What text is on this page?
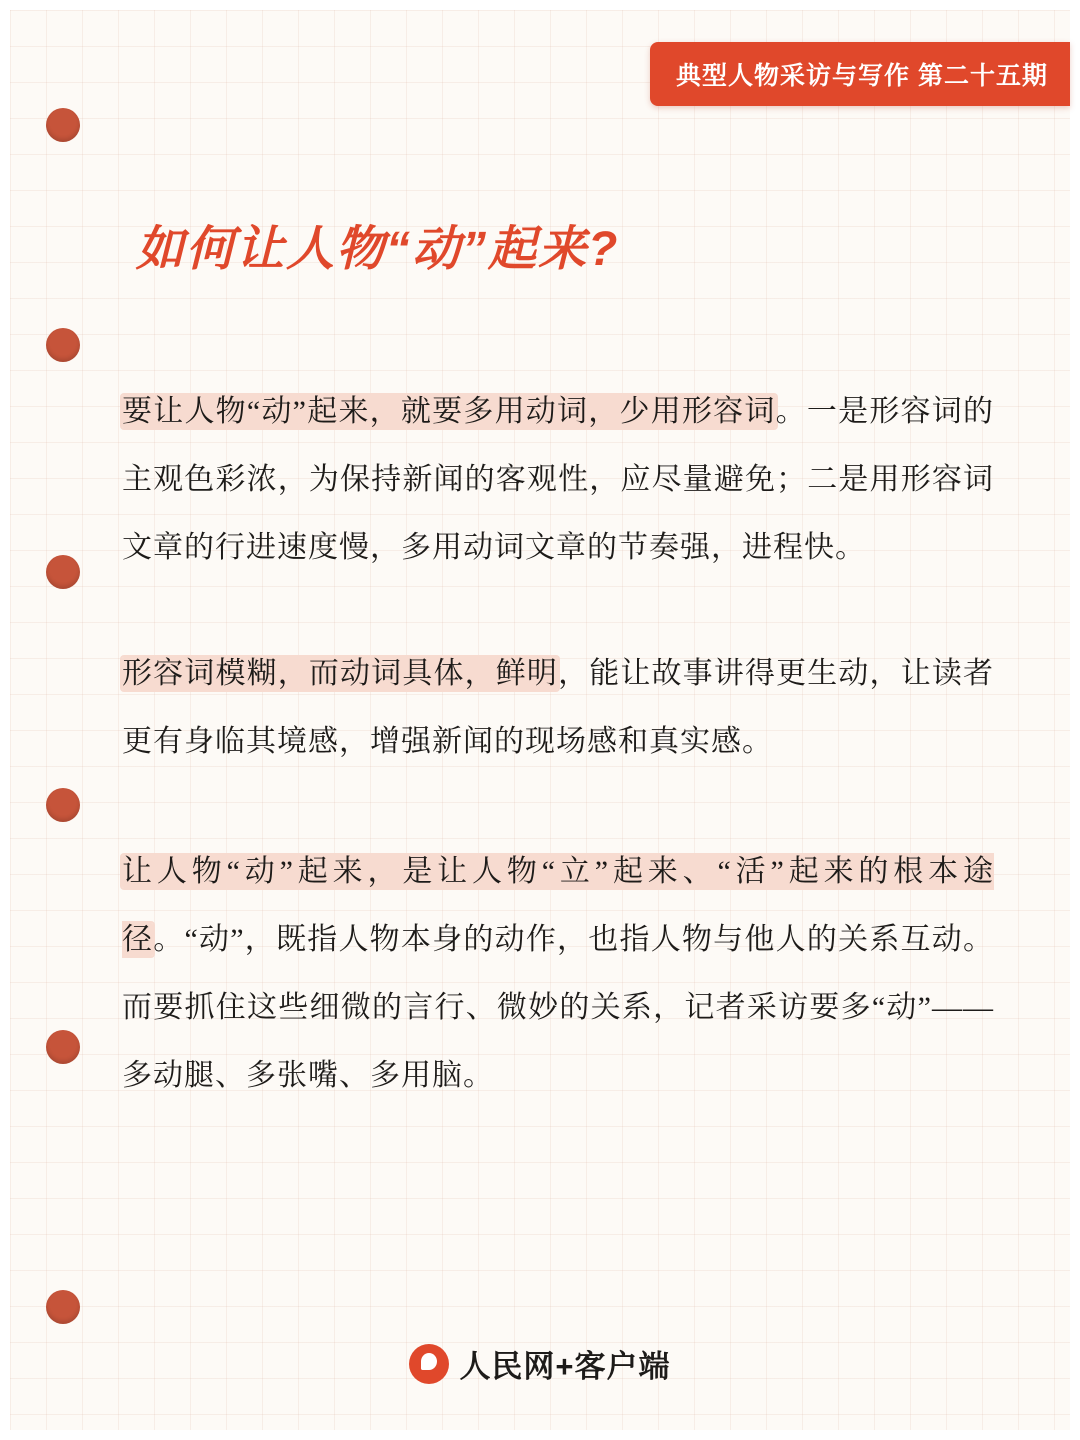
典型人物采访与写作 第二十五期
如何让人物“动”起来?

要让人物“动”起来，就要多用动词，少用形容词。一是形容词的主观色彩浓，为保持新闻的客观性，应尽量避免；二是用形容词文章的行进速度慢，多用动词文章的节奏强，进程快。

形容词模糊，而动词具体，鲜明，能让故事讲得更生动，让读者更有身临其境感，增强新闻的现场感和真实感。

让人物“动”起来，是让人物“立”起来、“活”起来的根本途径。“动”，既指人物本身的动作，也指人物与他人的关系互动。而要抓住这些细微的言行、微妙的关系，记者采访要多“动”——多动腿、多张嘴、多用脑。

人民网+客户端
